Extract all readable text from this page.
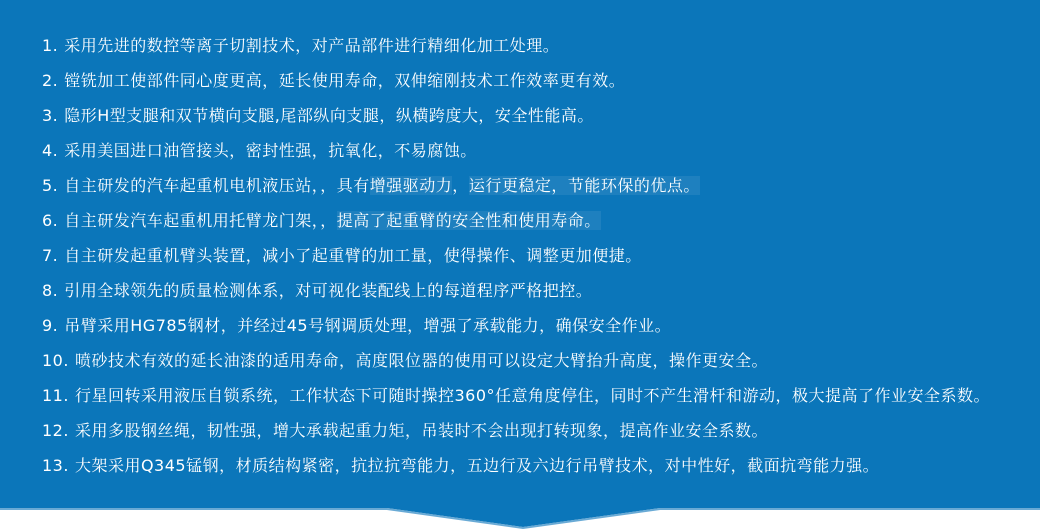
1. 采用先进的数控等离子切割技术，对产品部件进行精细化加工处理。
2. 镗铣加工使部件同心度更高，延长使用寿命，双伸缩刚技术工作效率更有效。
3. 隐形H型支腿和双节横向支腿,尾部纵向支腿，纵横跨度大，安全性能高。
4. 采用美国进口油管接头，密封性强，抗氧化，不易腐蚀。
5. 自主研发的汽车起重机电机液压站，，具有增强驱动力，运行更稳定，节能环保的优点。
6. 自主研发汽车起重机用托臂龙门架，，提高了起重臂的安全性和使用寿命。
7. 自主研发起重机臂头装置，减小了起重臂的加工量，使得操作、调整更加便捷。
8. 引用全球领先的质量检测体系，对可视化装配线上的每道程序严格把控。
9. 吊臂采用HG785钢材，并经过45号钢调质处理，增强了承载能力，确保安全作业。
10. 喷砂技术有效的延长油漆的适用寿命，高度限位器的使用可以设定大臂抬升高度，操作更安全。
11. 行星回转采用液压自锁系统，工作状态下可随时操控360°任意角度停住，同时不产生滑杆和游动，极大提高了作业安全系数。
12. 采用多股钢丝绳，韧性强，增大承载起重力矩，吊装时不会出现打转现象，提高作业安全系数。
13. 大架采用Q345锰钢，材质结构紧密，抗拉抗弯能力，五边行及六边行吊臂技术，对中性好，截面抗弯能力强。
